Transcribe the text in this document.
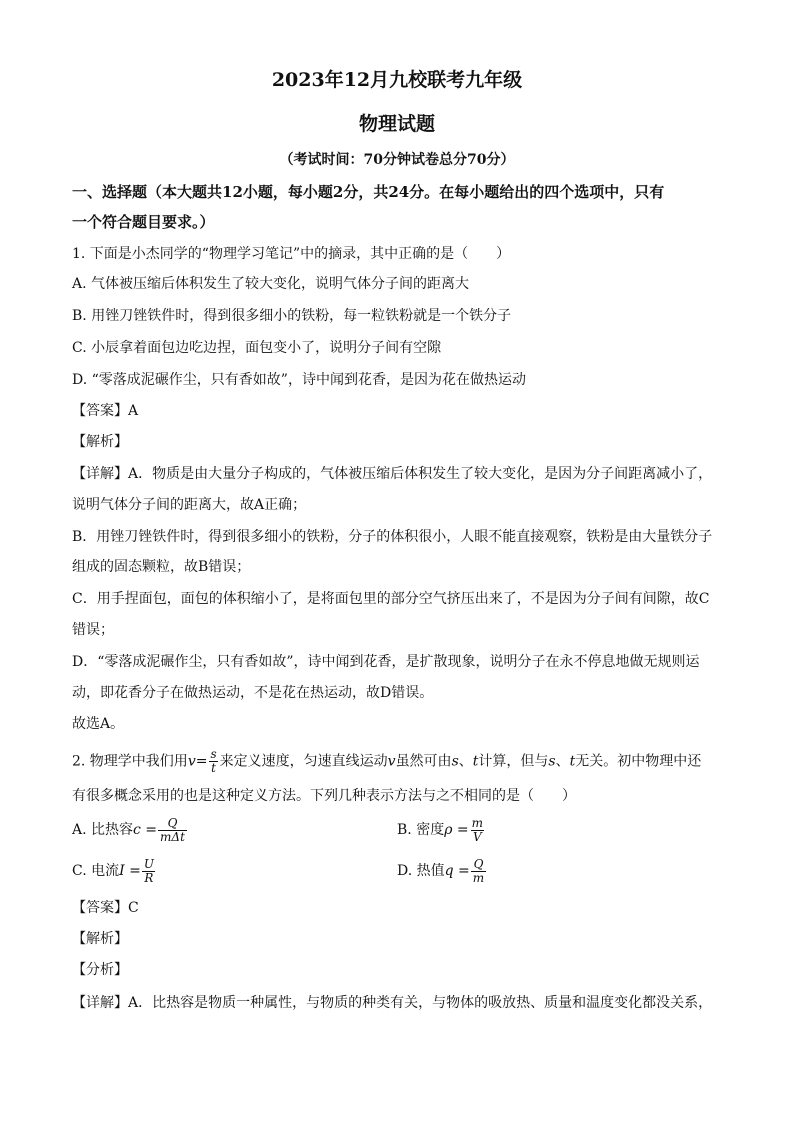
2023年12月九校联考九年级
物理试题
（考试时间：70分钟试卷总分70分）
一、选择题（本大题共12小题，每小题2分，共24分。在每小题给出的四个选项中，只有
一个符合题目要求。）
1. 下面是小杰同学的“物理学习笔记”中的摘录，其中正确的是（　　）
A. 气体被压缩后体积发生了较大变化，说明气体分子间的距离大
B. 用锉刀锉铁件时，得到很多细小的铁粉，每一粒铁粉就是一个铁分子
C. 小辰拿着面包边吃边捏，面包变小了，说明分子间有空隙
D. “零落成泥碾作尘，只有香如故”，诗中闻到花香，是因为花在做热运动
【答案】A
【解析】
【详解】A．物质是由大量分子构成的，气体被压缩后体积发生了较大变化，是因为分子间距离减小了，
说明气体分子间的距离大，故A正确；
B．用锉刀锉铁件时，得到很多细小的铁粉，分子的体积很小，人眼不能直接观察，铁粉是由大量铁分子
组成的固态颗粒，故B错误；
C．用手捏面包，面包的体积缩小了，是将面包里的部分空气挤压出来了，不是因为分子间有间隙，故C
错误；
D．“零落成泥碾作尘，只有香如故”，诗中闻到花香，是扩散现象，说明分子在永不停息地做无规则运
动，即花香分子在做热运动，不是花在热运动，故D错误。
故选A。
2. 物理学中我们用$v= \frac{s}{t}$ 来定义速度，匀速直线运动v虽然可由s、t计算，但与s、t无关。初中物理中还
有很多概念采用的也是这种定义方法。下列几种表示方法与之不相同的是（　　）
A. 比热容$c = \frac{Q}{\text{mΔt}}$	B. 密度$\rho = \frac{m}{V}$
C. 电流$I = \frac{U}{R}$	D. 热值$q = \frac{Q}{m}$
【答案】C
【解析】
【分析】
【详解】A．比热容是物质一种属性，与物质的种类有关，与物体的吸放热、质量和温度变化都没关系，
